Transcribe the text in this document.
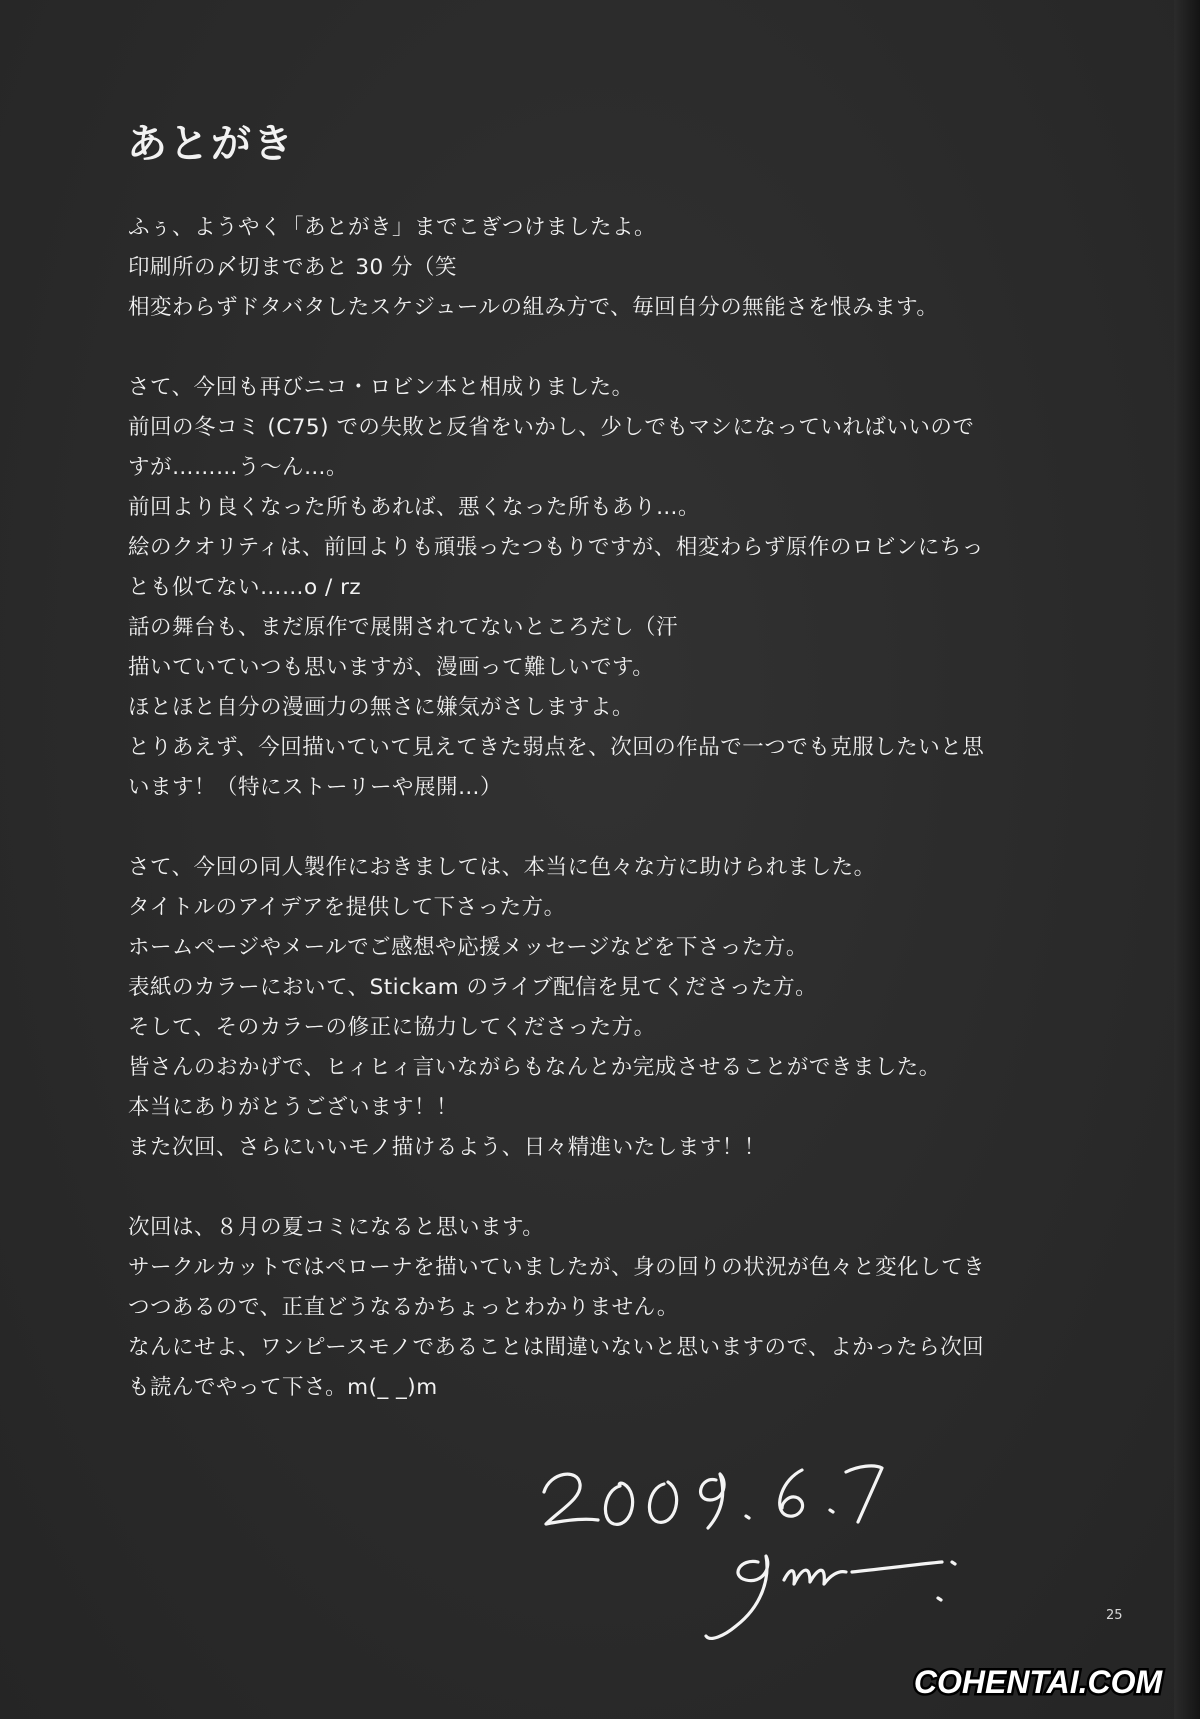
あとがき
ふぅ、ようやく「あとがき」までこぎつけましたよ。
印刷所の〆切まであと 30 分（笑
相変わらずドタバタしたスケジュールの組み方で、毎回自分の無能さを恨みます。
さて、今回も再びニコ・ロビン本と相成りました。
前回の冬コミ (C75) での失敗と反省をいかし、少しでもマシになっていればいいので
すが………う〜ん…。
前回より良くなった所もあれば、悪くなった所もあり…。
絵のクオリティは、前回よりも頑張ったつもりですが、相変わらず原作のロビンにちっ
とも似てない……o / rz
話の舞台も、まだ原作で展開されてないところだし（汗
描いていていつも思いますが、漫画って難しいです。
ほとほと自分の漫画力の無さに嫌気がさしますよ。
とりあえず、今回描いていて見えてきた弱点を、次回の作品で一つでも克服したいと思
います！（特にストーリーや展開…）
さて、今回の同人製作におきましては、本当に色々な方に助けられました。
タイトルのアイデアを提供して下さった方。
ホームページやメールでご感想や応援メッセージなどを下さった方。
表紙のカラーにおいて、Stickam のライブ配信を見てくださった方。
そして、そのカラーの修正に協力してくださった方。
皆さんのおかげで、ヒィヒィ言いながらもなんとか完成させることができました。
本当にありがとうございます！！
また次回、さらにいいモノ描けるよう、日々精進いたします！！
次回は、８月の夏コミになると思います。
サークルカットではペローナを描いていましたが、身の回りの状況が色々と変化してき
つつあるので、正直どうなるかちょっとわかりません。
なんにせよ、ワンピースモノであることは間違いないと思いますので、よかったら次回
も読んでやって下さ。m(_ _)m
25
COHENTAI.COM
